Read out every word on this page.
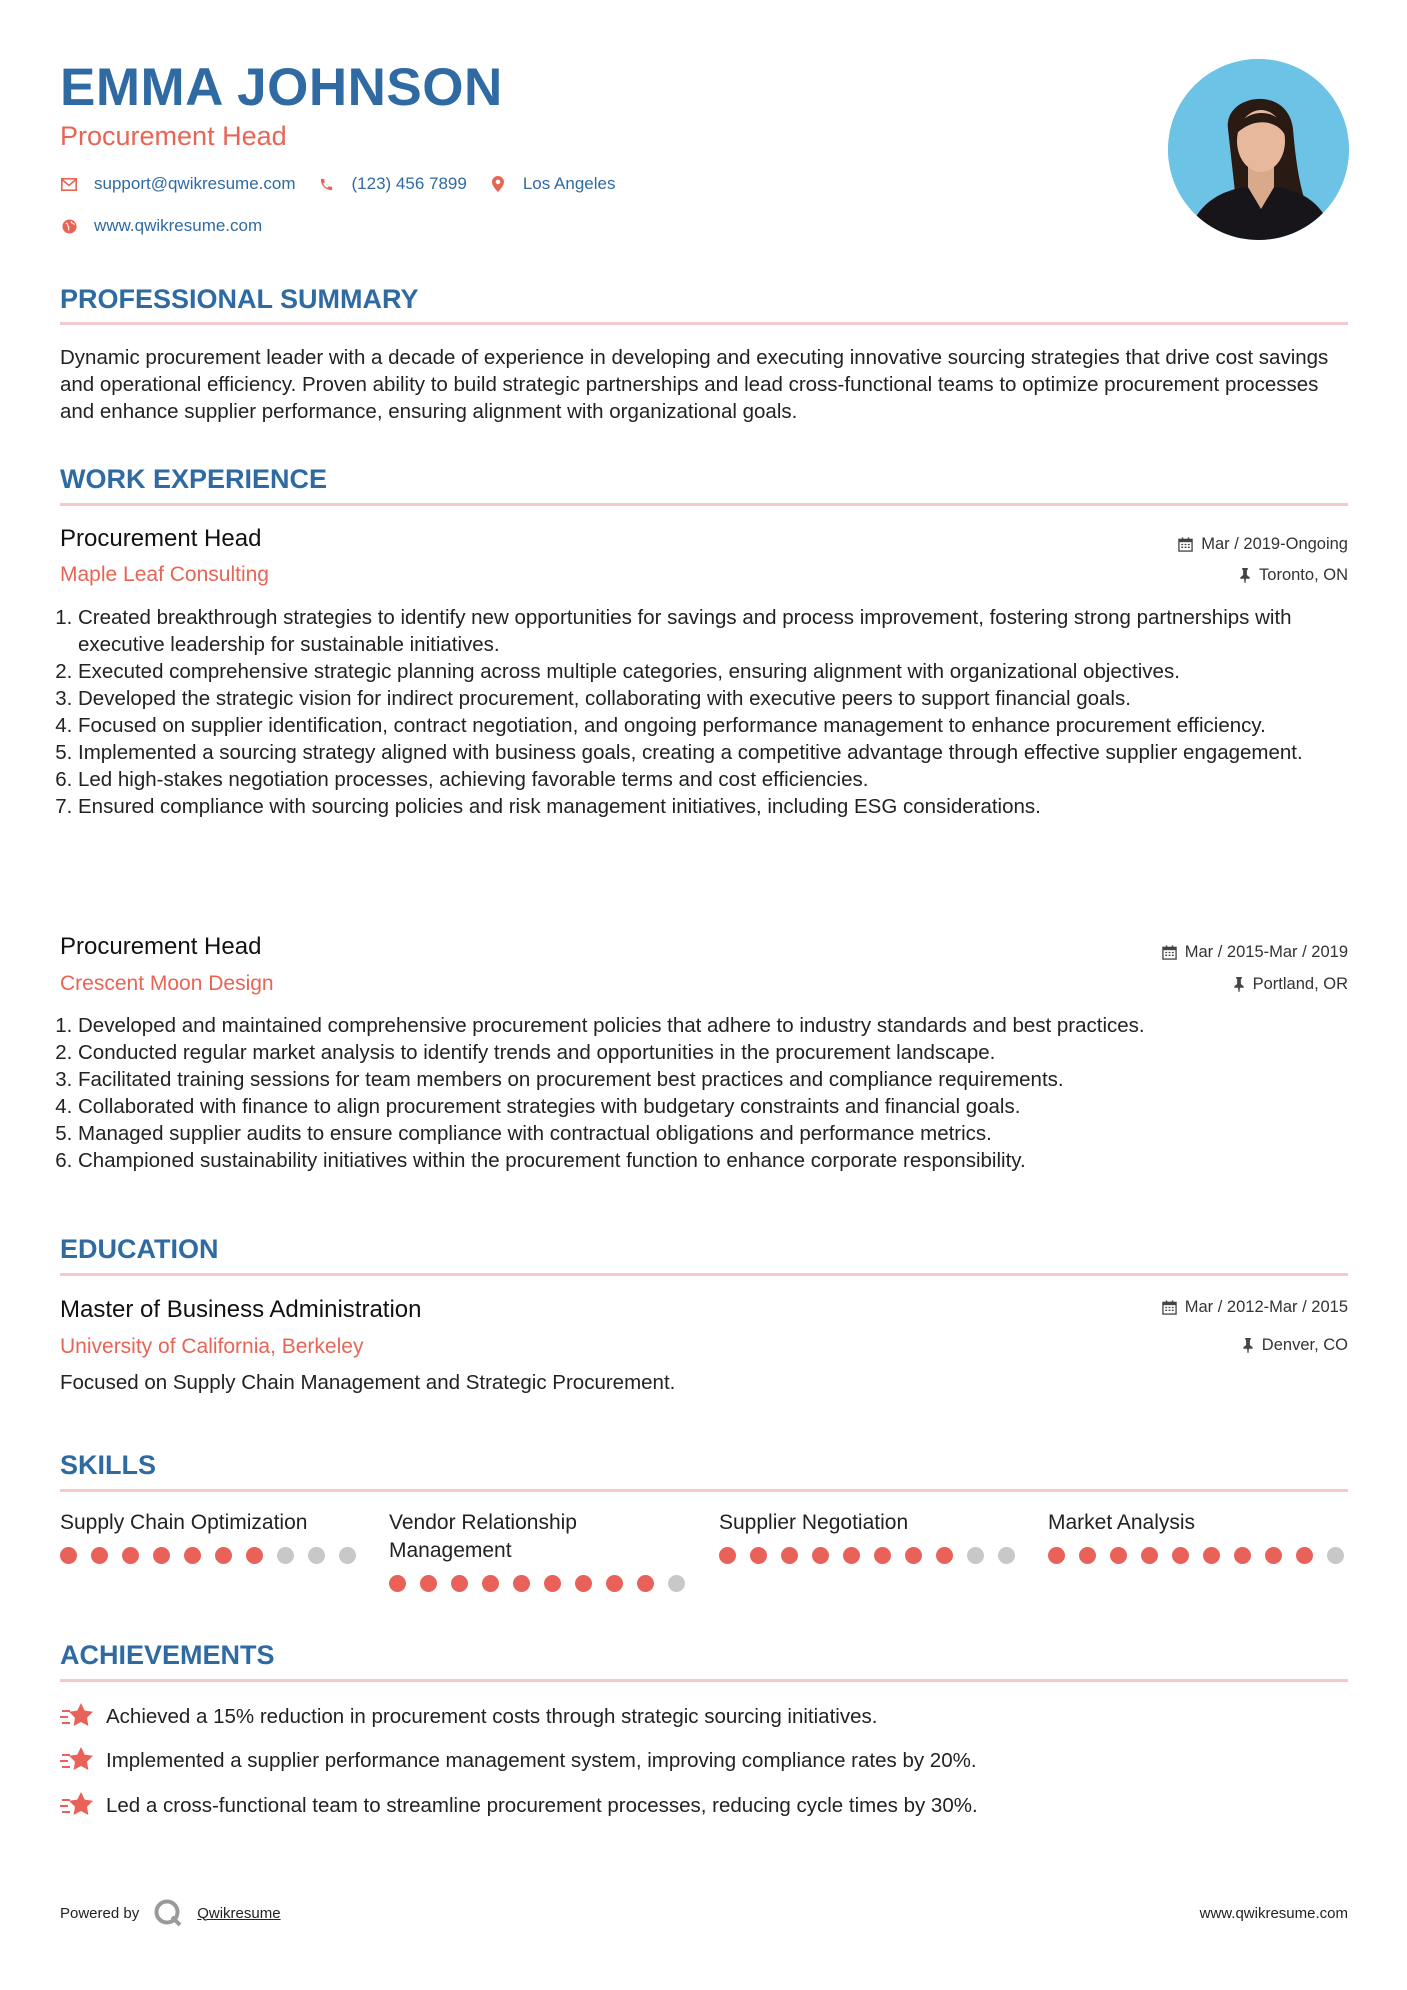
EMMA JOHNSON
Procurement Head
support@qwikresume.com	(123) 456 7899	Los Angeles
www.qwikresume.com
PROFESSIONAL SUMMARY

Dynamic procurement leader with a decade of experience in developing and executing innovative sourcing strategies that drive cost savings and operational efficiency. Proven ability to build strategic partnerships and lead cross-functional teams to optimize procurement processes and enhance supplier performance, ensuring alignment with organizational goals.

WORK EXPERIENCE
Procurement Head
Maple Leaf Consulting
Mar / 2019-Ongoing
Toronto, ON
1. Created breakthrough strategies to identify new opportunities for savings and process improvement, fostering strong partnerships with executive leadership for sustainable initiatives.
2. Executed comprehensive strategic planning across multiple categories, ensuring alignment with organizational objectives.
3. Developed the strategic vision for indirect procurement, collaborating with executive peers to support financial goals.
4. Focused on supplier identification, contract negotiation, and ongoing performance management to enhance procurement efficiency.
5. Implemented a sourcing strategy aligned with business goals, creating a competitive advantage through effective supplier engagement.
6. Led high-stakes negotiation processes, achieving favorable terms and cost efficiencies.
7. Ensured compliance with sourcing policies and risk management initiatives, including ESG considerations.
Procurement Head
Crescent Moon Design
Mar / 2015-Mar / 2019
Portland, OR
1. Developed and maintained comprehensive procurement policies that adhere to industry standards and best practices.
2. Conducted regular market analysis to identify trends and opportunities in the procurement landscape.
3. Facilitated training sessions for team members on procurement best practices and compliance requirements.
4. Collaborated with finance to align procurement strategies with budgetary constraints and financial goals.
5. Managed supplier audits to ensure compliance with contractual obligations and performance metrics.
6. Championed sustainability initiatives within the procurement function to enhance corporate responsibility.
EDUCATION
Master of Business Administration
University of California, Berkeley
Mar / 2012-Mar / 2015
Denver, CO

Focused on Supply Chain Management and Strategic Procurement.

SKILLS
Supply Chain Optimization	Vendor Relationship Management
Supplier Negotiation	Market Analysis
ACHIEVEMENTS
Achieved a 15% reduction in procurement costs through strategic sourcing initiatives.
Implemented a supplier performance management system, improving compliance rates by 20%.
Led a cross-functional team to streamline procurement processes, reducing cycle times by 30%.
Powered by	Qwikresume	www.qwikresume.com
